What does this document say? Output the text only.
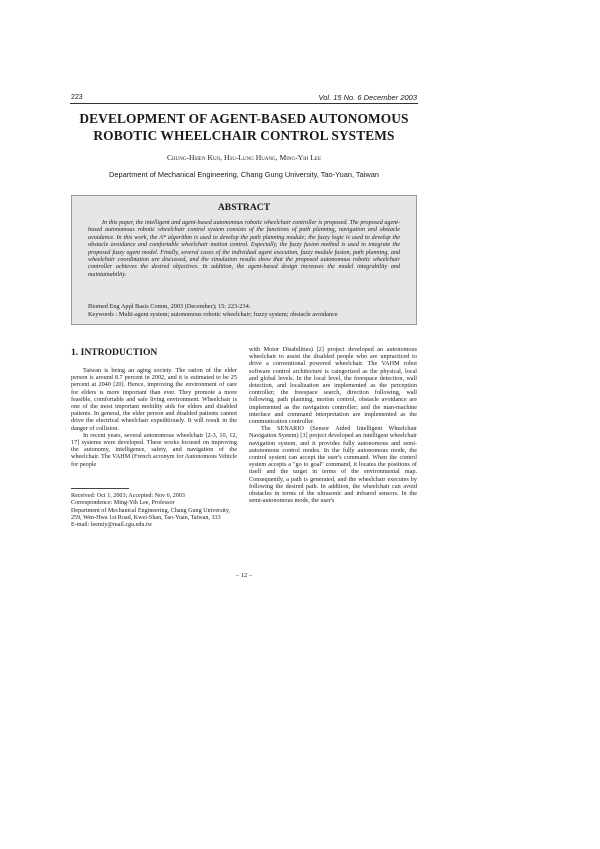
223	Vol. 15 No. 6 December 2003
DEVELOPMENT OF AGENT-BASED AUTONOMOUS
ROBOTIC WHEELCHAIR CONTROL SYSTEMS
Chung-Hsien Kuo, Hsu-Lung Huang, Ming-Yih Lee
Department of Mechanical Engineering, Chang Gung University, Tao-Yuan, Taiwan
ABSTRACT
In this paper, the intelligent and agent-based autonomous robotic wheelchair controller is proposed. The proposed agent-based autonomous robotic wheelchair control system consists of the functions of path planning, navigation and obstacle avoidance. In this work, the A* algorithm is used to develop the path planning module; the fuzzy logic is used to develop the obstacle avoidance and comfortable wheelchair motion control. Especially, the fuzzy fusion method is used to integrate the proposed fuzzy agent model. Finally, several cases of the individual agent execution, fuzzy module fusion, path planning, and wheelchair coordination are discussed, and the simulation results show that the proposed autonomous robotic wheelchair controller achieves the desired objectives. In addition, the agent-based design increases the model integrability and maintainability.
Biomed Eng Appl Basis Comm, 2003 (December); 15: 223-234.
Keywords : Multi-agent system; autonomous robotic wheelchair; fuzzy system; obstacle avoidance
1. INTRODUCTION

Taiwan is being an aging society. The ration of the elder person is around 8.7 percent in 2002, and it is estimated to be 25 percent at 2040 [20]. Hence, improving the environment of care for elders is more important than ever. They promote a more feasible, comfortable and safe living environment. Wheelchair is one of the most important mobility aids for elders and disabled patients. In general, the elder person and disabled patients cannot drive the electrical wheelchair expeditiously. It will result in the danger of collision.

In recent years, several autonomous wheelchair [2-3, 10, 12, 17] systems were developed. These works focused on improving the autonomy, intelligence, safety, and navigation of the wheelchair. The VAHM (French acronym for Autonomous Vehicle for people

Received: Oct 1, 2003; Accepted: Nov 6, 2003
Correspondence: Ming-Yih Lee, Professor
Department of Mechanical Engineering, Chang Gung University, 259, Wen-Hwa 1st Road, Kwei-Shan, Tao-Yuan, Taiwan, 333
E-mail: leemiy@mail.cgu.edu.tw

with Motor Disabilities) [2] project developed an autonomous wheelchair to assist the disabled people who are unpracticed to drive a conventional powered wheelchair. The VAHM robot software control architecture is categorized as the physical, local and global levels. In the local level, the freespace detection, wall detection, and localization are implemented as the perception controller; the freespace search, direction following, wall following, path planning, motion control, obstacle avoidance are implemented as the navigation controller; and the man-machine interface and command interpretation are implemented as the communication controller.

The SENARIO (Sensor Aided Intelligent Wheelchair Navigation System) [3] project developed an intelligent wheelchair navigation system, and it provides fully autonomous and semi-autonomous control modes. In the fully autonomous mode, the control system can accept the user's command. When the control system accepts a "go to goal" command, it locates the positions of itself and the target in terms of the environmental map. Consequently, a path is generated, and the wheelchair executes by following the desired path. In addition, the wheelchair can avoid obstacles in terms of the ultrasonic and infrared sensors. In the semi-autonomous mode, the user's

– 12 –
